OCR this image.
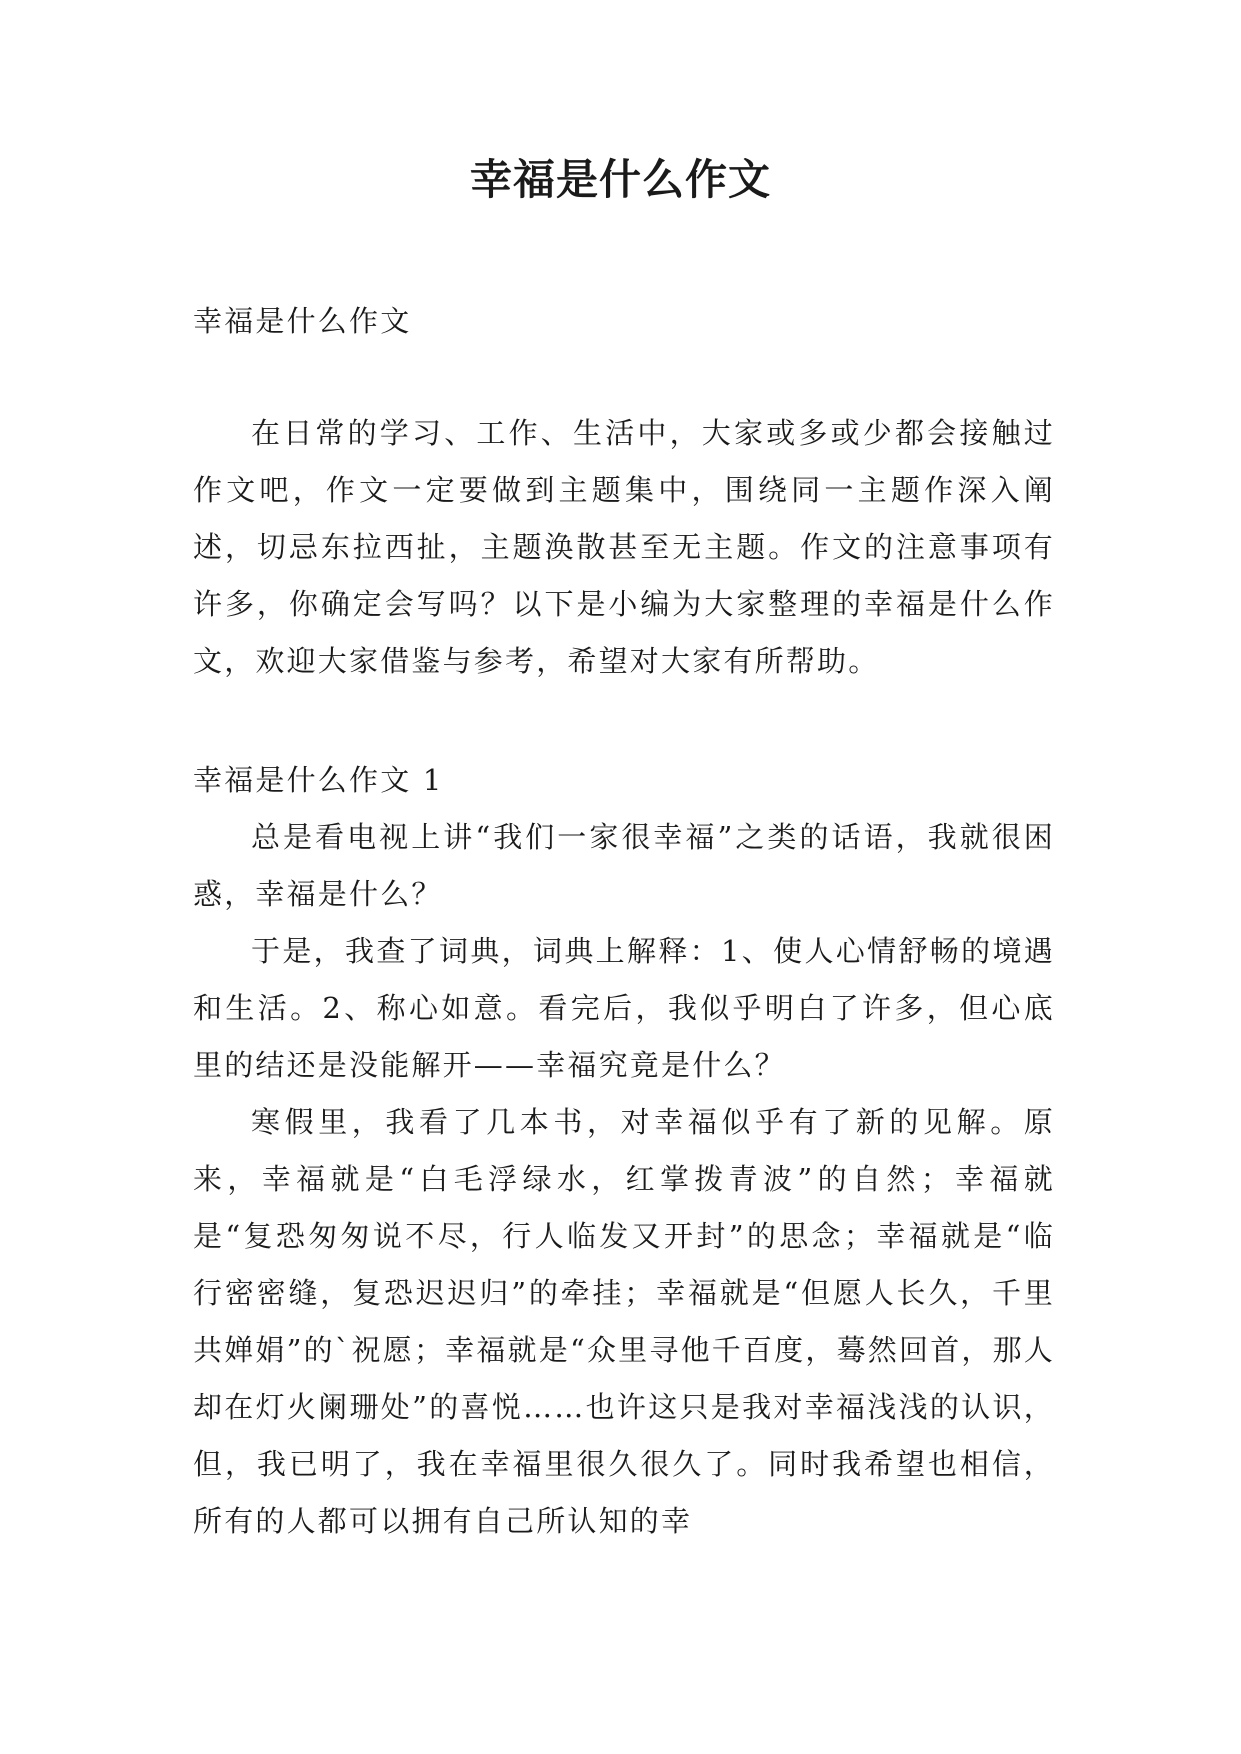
幸福是什么作文
幸福是什么作文
在日常的学习、工作、生活中，大家或多或少都会接触过作文吧，作文一定要做到主题集中，围绕同一主题作深入阐述，切忌东拉西扯，主题涣散甚至无主题。作文的注意事项有许多，你确定会写吗？以下是小编为大家整理的幸福是什么作文，欢迎大家借鉴与参考，希望对大家有所帮助。
幸福是什么作文 1

总是看电视上讲“我们一家很幸福”之类的话语，我就很困惑，幸福是什么？

于是，我查了词典，词典上解释：1、使人心情舒畅的境遇和生活。2、称心如意。看完后，我似乎明白了许多，但心底里的结还是没能解开——幸福究竟是什么？

寒假里，我看了几本书，对幸福似乎有了新的见解。原来，幸福就是“白毛浮绿水，红掌拨青波”的自然；幸福就是“复恐匆匆说不尽，行人临发又开封”的思念；幸福就是“临行密密缝，复恐迟迟归”的牵挂；幸福就是“但愿人长久，千里共婵娟”的`祝愿；幸福就是“众里寻他千百度，蓦然回首，那人却在灯火阑珊处”的喜悦……也许这只是我对幸福浅浅的认识，但，我已明了，我在幸福里很久很久了。同时我希望也相信，所有的人都可以拥有自己所认知的幸
